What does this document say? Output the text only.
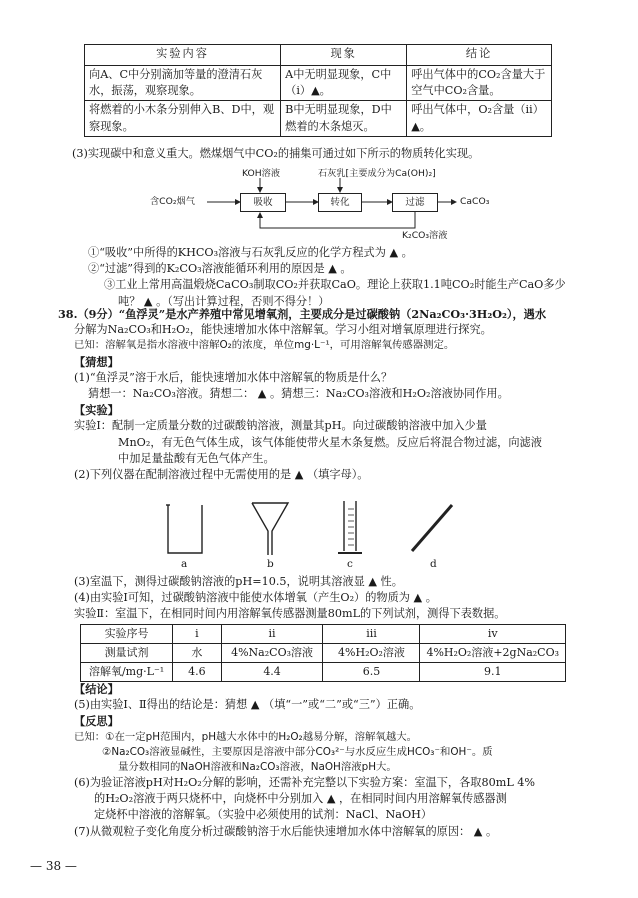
实验内容	现象	结论
向A、C中分别滴加等量的澄清石灰水，振荡，观察现象。	A中无明显现象，C中（ⅰ）▲。	呼出气体中的CO₂含量大于空气中CO₂含量。
将燃着的小木条分别伸入B、D中，观察现象。	B中无明显现象，D中燃着的木条熄灭。	呼出气体中，O₂含量（ⅱ）▲。
(3)实现碳中和意义重大。燃煤烟气中CO₂的捕集可通过如下所示的物质转化实现。
含CO₂烟气
KOH溶液	石灰乳[主要成分为Ca(OH)₂]
吸收	转化	过滤	CaCO₃
K₂CO₃溶液
①“吸收”中所得的KHCO₃溶液与石灰乳反应的化学方程式为 ▲ 。
②“过滤”得到的K₂CO₃溶液能循环利用的原因是 ▲ 。
③工业上常用高温煅烧CaCO₃制取CO₂并获取CaO。理论上获取1.1吨CO₂时能生产CaO多少吨？ ▲ 。（写出计算过程，否则不得分！）
38.（9分）“鱼浮灵”是水产养殖中常见增氧剂，主要成分是过碳酸钠（2Na₂CO₃·3H₂O₂），遇水
分解为Na₂CO₃和H₂O₂，能快速增加水体中溶解氧。学习小组对增氧原理进行探究。
已知：溶解氧是指水溶液中溶解O₂的浓度，单位mg·L⁻¹，可用溶解氧传感器测定。
【猜想】
(1)“鱼浮灵”溶于水后，能快速增加水体中溶解氧的物质是什么？
猜想一：Na₂CO₃溶液。猜想二： ▲ 。猜想三：Na₂CO₃溶液和H₂O₂溶液协同作用。
【实验】
实验Ⅰ：配制一定质量分数的过碳酸钠溶液，测量其pH。向过碳酸钠溶液中加入少量
MnO₂，有无色气体生成，该气体能使带火星木条复燃。反应后将混合物过滤，向滤液
中加足量盐酸有无色气体产生。
(2)下列仪器在配制溶液过程中无需使用的是 ▲ （填字母）。
a	b	c	d
(3)室温下，测得过碳酸钠溶液的pH=10.5，说明其溶液显 ▲ 性。
(4)由实验Ⅰ可知，过碳酸钠溶液中能使水体增氧（产生O₂）的物质为 ▲ 。
实验Ⅱ：室温下，在相同时间内用溶解氧传感器测量80mL的下列试剂，测得下表数据。
实验序号	ⅰ	ⅱ	ⅲ	ⅳ
测量试剂	水	4%Na₂CO₃溶液	4%H₂O₂溶液	4%H₂O₂溶液+2gNa₂CO₃
溶解氧/mg·L⁻¹	4.6	4.4	6.5	9.1
【结论】
(5)由实验Ⅰ、Ⅱ得出的结论是：猜想 ▲ （填“一”或“二”或“三”）正确。
【反思】
已知：①在一定pH范围内，pH越大水体中的H₂O₂越易分解，溶解氧越大。
②Na₂CO₃溶液显碱性，主要原因是溶液中部分CO₃²⁻与水反应生成HCO₃⁻和OH⁻。质
量分数相同的NaOH溶液和Na₂CO₃溶液，NaOH溶液pH大。
(6)为验证溶液pH对H₂O₂分解的影响，还需补充完整以下实验方案：室温下，各取80mL 4%
的H₂O₂溶液于两只烧杯中，向烧杯中分别加入 ▲ ，在相同时间内用溶解氧传感器测
定烧杯中溶液的溶解氧。（实验中必须使用的试剂：NaCl、NaOH）
(7)从微观粒子变化角度分析过碳酸钠溶于水后能快速增加水体中溶解氧的原因： ▲ 。
— 38 —
